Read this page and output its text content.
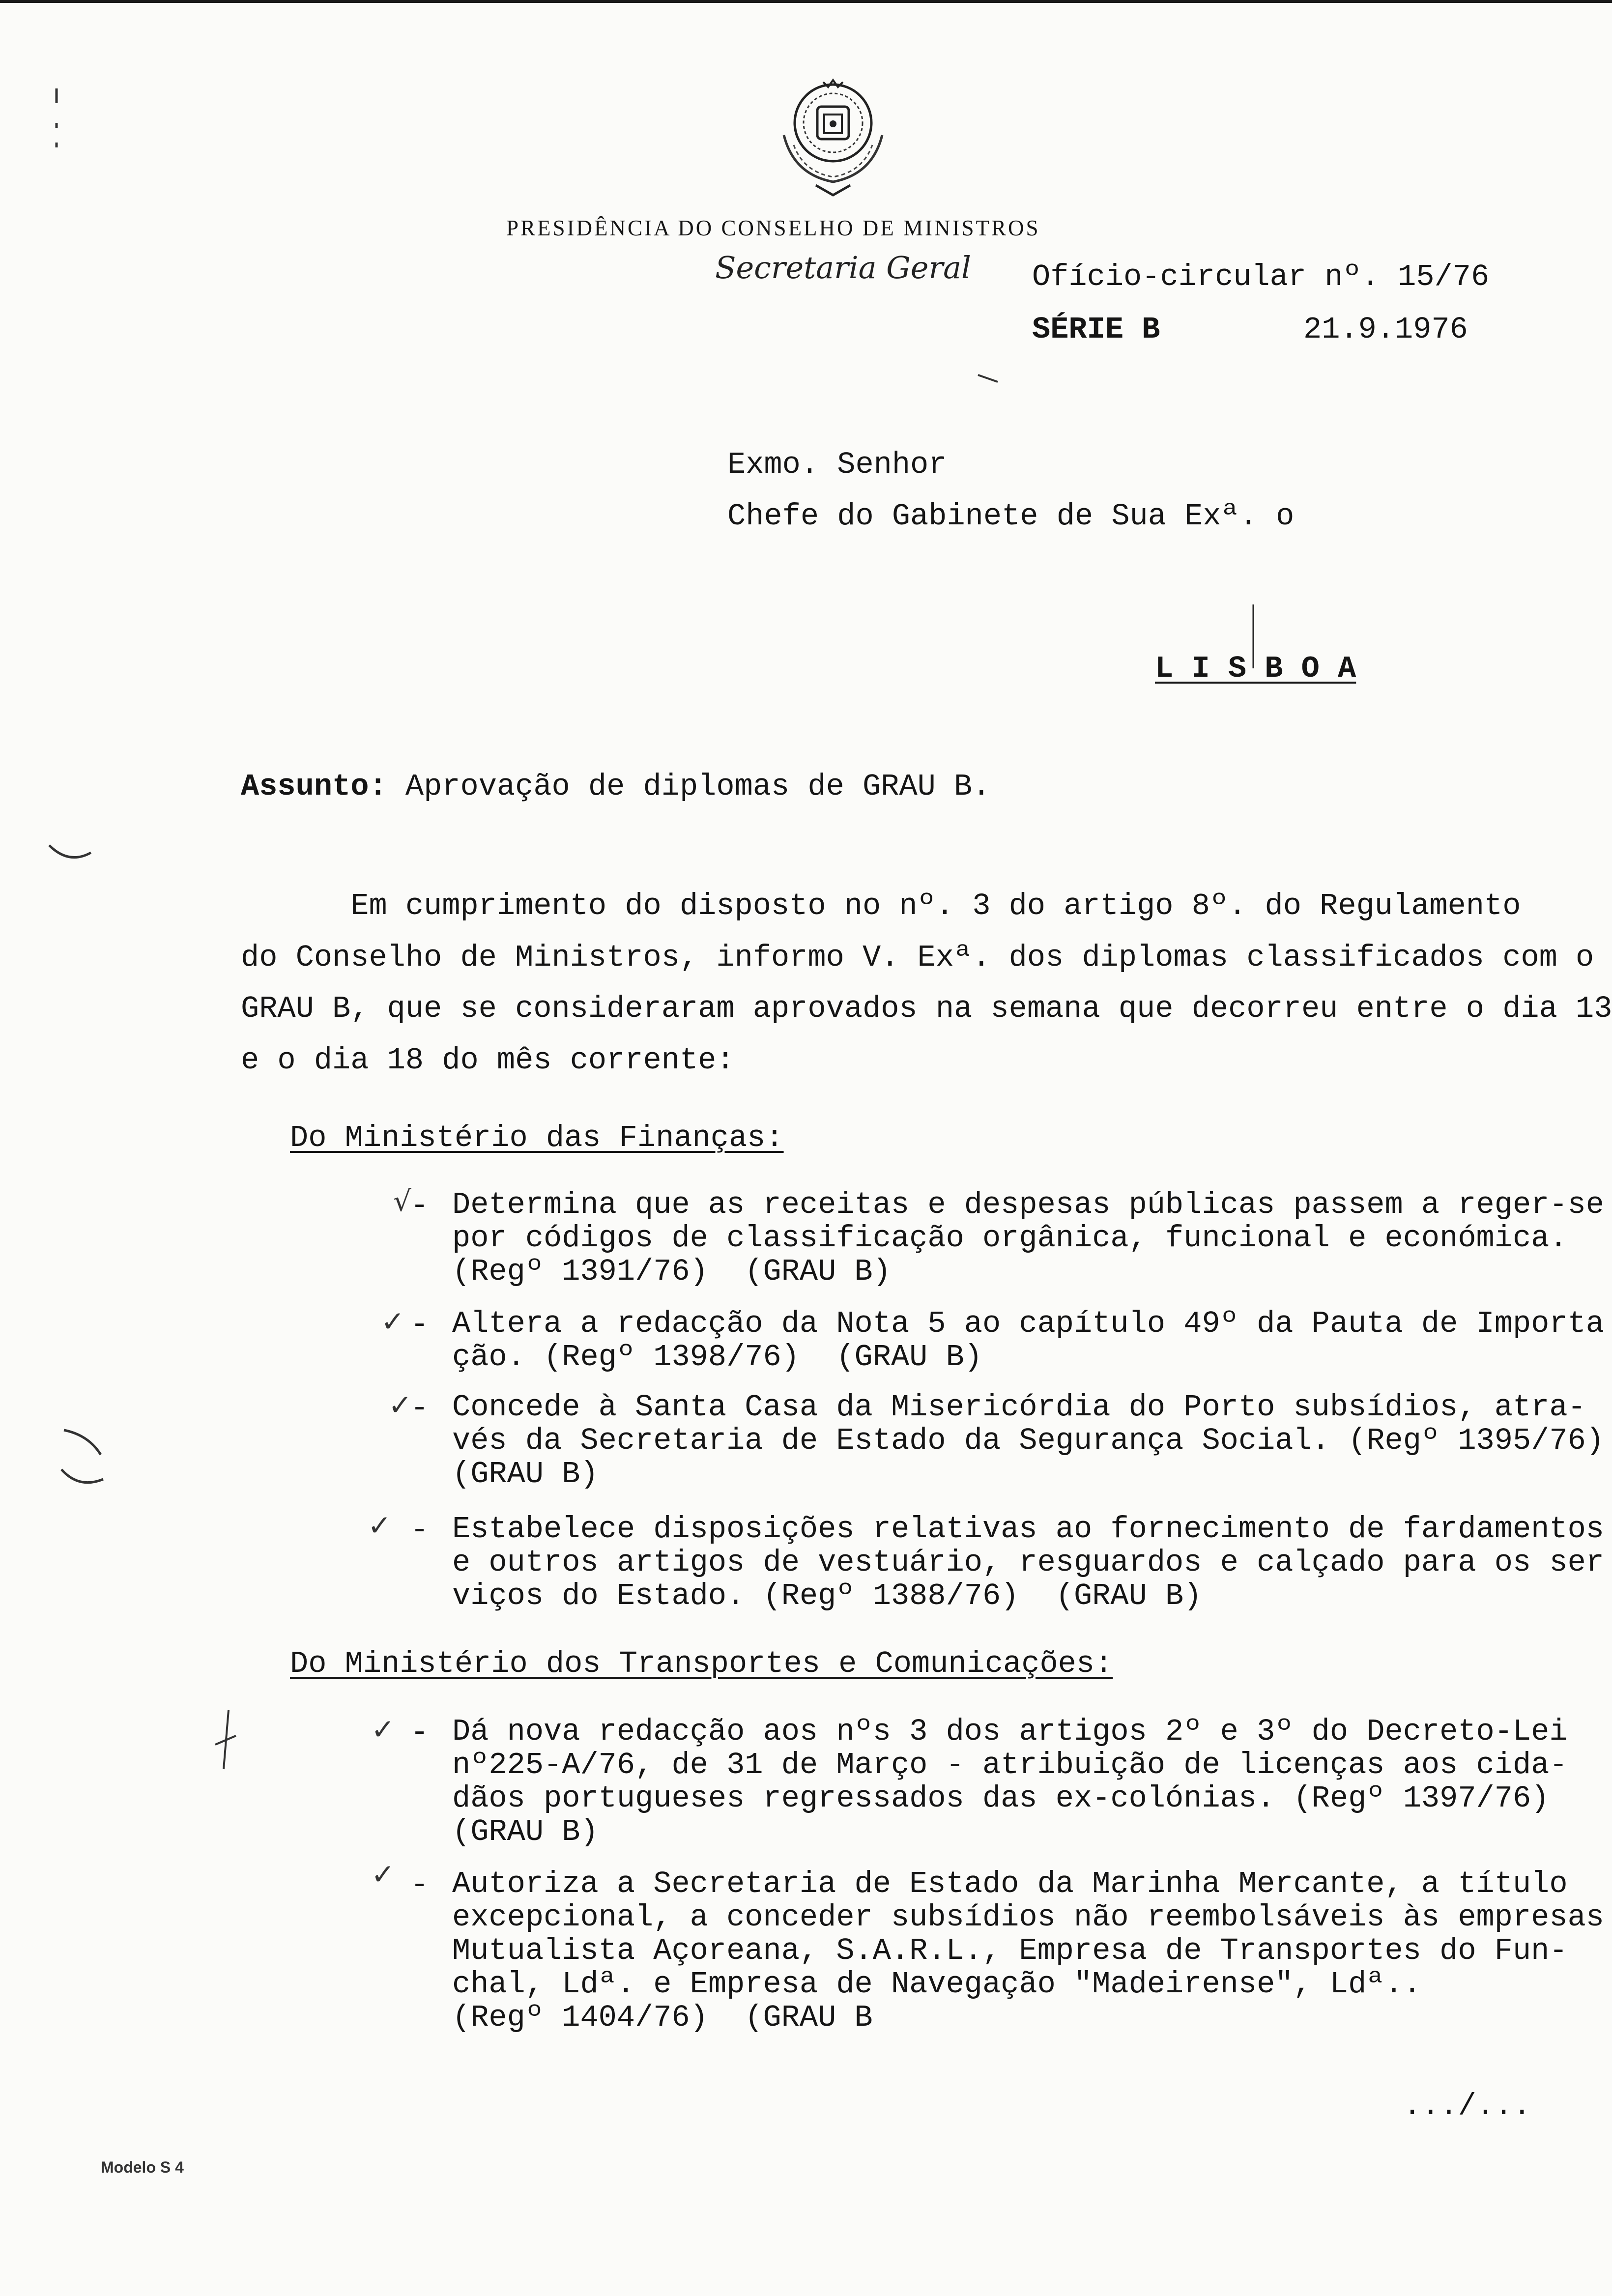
PRESIDÊNCIA DO CONSELHO DE MINISTROS
Secretaria Geral Ofício-circular nº. 15/76
SÉRIE B	21.9.1976
Exmo. Senhor
Chefe do Gabinete de Sua Exª. o
L I S B O A
Assunto: Aprovação de diplomas de GRAU B.
Em cumprimento do disposto no nº. 3 do artigo 8º. do Regulamento
do Conselho de Ministros, informo V. Exª. dos diplomas classificados com o
GRAU B, que se consideraram aprovados na semana que decorreu entre o dia 13
e o dia 18 do mês corrente:
Do Ministério das Finanças:
√
- Determina que as receitas e despesas públicas passem a reger-se
por códigos de classificação orgânica, funcional e económica.
(Regº 1391/76)  (GRAU B)
✓ - Altera a redacção da Nota 5 ao capítulo 49º da Pauta de Importa
ção. (Regº 1398/76)  (GRAU B)
✓
- Concede à Santa Casa da Misericórdia do Porto subsídios, atra-
vés da Secretaria de Estado da Segurança Social. (Regº 1395/76)
(GRAU B)
✓ - Estabelece disposições relativas ao fornecimento de fardamentos
e outros artigos de vestuário, resguardos e calçado para os ser
viços do Estado. (Regº 1388/76)  (GRAU B)
Do Ministério dos Transportes e Comunicações:
✓ - Dá nova redacção aos nºs 3 dos artigos 2º e 3º do Decreto-Lei
nº225-A/76, de 31 de Março - atribuição de licenças aos cida-
dãos portugueses regressados das ex-colónias. (Regº 1397/76)
(GRAU B)
✓ - Autoriza a Secretaria de Estado da Marinha Mercante, a título
excepcional, a conceder subsídios não reembolsáveis às empresas
Mutualista Açoreana, S.A.R.L., Empresa de Transportes do Fun-
chal, Ldª. e Empresa de Navegação "Madeirense", Ldª..
(Regº 1404/76)  (GRAU B
.../...
Modelo S 4
